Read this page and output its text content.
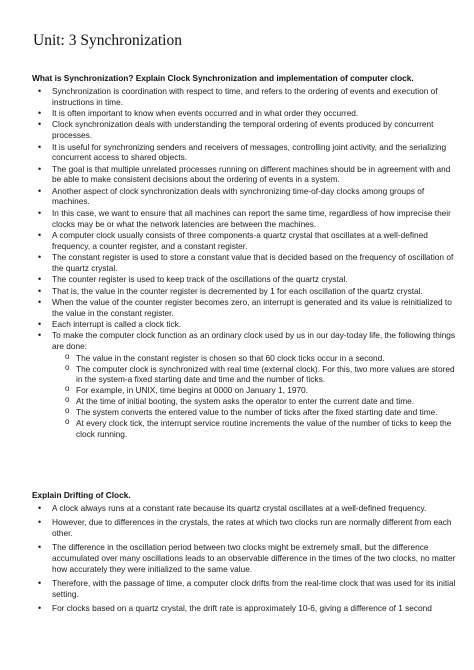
Unit: 3 Synchronization
What is Synchronization? Explain Clock Synchronization and implementation of computer clock.
• Synchronization is coordination with respect to time, and refers to the ordering of events and execution of instructions in time.
• It is often important to know when events occurred and in what order they occurred.
• Clock synchronization deals with understanding the temporal ordering of events produced by concurrent processes.
• It is useful for synchronizing senders and receivers of messages, controlling joint activity, and the serializing concurrent access to shared objects.
• The goal is that multiple unrelated processes running on different machines should be in agreement with and be able to make consistent decisions about the ordering of events in a system.
• Another aspect of clock synchronization deals with synchronizing time-of-day clocks among groups of machines.
• In this case, we want to ensure that all machines can report the same time, regardless of how imprecise their clocks may be or what the network latencies are between the machines.
• A computer clock usually consists of three components-a quartz crystal that oscillates at a well-defined frequency, a counter register, and a constant register.
• The constant register is used to store a constant value that is decided based on the frequency of oscillation of the quartz crystal.
• The counter register is used to keep track of the oscillations of the quartz crystal.
• That is, the value in the counter register is decremented by 1 for each oscillation of the quartz crystal.
• When the value of the counter register becomes zero, an interrupt is generated and its value is reinitialized to the value in the constant register.
• Each interrupt is called a clock tick.
• To make the computer clock function as an ordinary clock used by us in our day-today life, the following things are done:
o The value in the constant register is chosen so that 60 clock ticks occur in a second.
o The computer clock is synchronized with real time (external clock). For this, two more values are stored in the system-a fixed starting date and time and the number of ticks.
o For example, in UNIX, time begins at 0000 on January 1, 1970.
o At the time of initial booting, the system asks the operator to enter the current date and time.
o The system converts the entered value to the number of ticks after the fixed starting date and time.
o At every clock tick, the interrupt service routine increments the value of the number of ticks to keep the clock running.
Explain Drifting of Clock.
• A clock always runs at a constant rate because its quartz crystal oscillates at a well-defined frequency.
• However, due to differences in the crystals, the rates at which two clocks run are normally different from each other.
• The difference in the oscillation period between two clocks might be extremely small, but the difference accumulated over many oscillations leads to an observable difference in the times of the two clocks, no matter how accurately they were initialized to the same value.
• Therefore, with the passage of time, a computer clock drifts from the real-time clock that was used for its initial setting.
• For clocks based on a quartz crystal, the drift rate is approximately 10-6, giving a difference of 1 second
